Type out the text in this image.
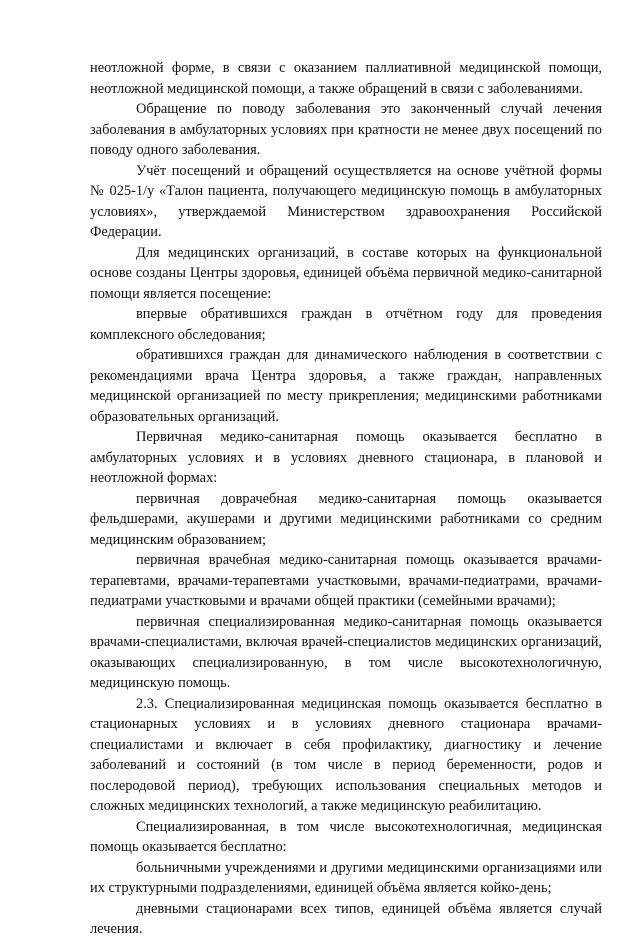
неотложной форме, в связи с оказанием паллиативной медицинской помощи, неотложной медицинской помощи, а также обращений в связи с заболеваниями.

Обращение по поводу заболевания это законченный случай лечения заболевания в амбулаторных условиях при кратности не менее двух посещений по поводу одного заболевания.

Учёт посещений и обращений осуществляется на основе учётной формы № 025-1/у «Талон пациента, получающего медицинскую помощь в амбулаторных условиях», утверждаемой Министерством здравоохранения Российской Федерации.

Для медицинских организаций, в составе которых на функциональной основе созданы Центры здоровья, единицей объёма первичной медико-санитарной помощи является посещение:

впервые обратившихся граждан в отчётном году для проведения комплексного обследования;

обратившихся граждан для динамического наблюдения в соответствии с рекомендациями врача Центра здоровья, а также граждан, направленных медицинской организацией по месту прикрепления; медицинскими работниками образовательных организаций.

Первичная медико-санитарная помощь оказывается бесплатно в амбулаторных условиях и в условиях дневного стационара, в плановой и неотложной формах:

первичная доврачебная медико-санитарная помощь оказывается фельдшерами, акушерами и другими медицинскими работниками со средним медицинским образованием;

первичная врачебная медико-санитарная помощь оказывается врачами-терапевтами, врачами-терапевтами участковыми, врачами-педиатрами, врачами-педиатрами участковыми и врачами общей практики (семейными врачами);

первичная специализированная медико-санитарная помощь оказывается врачами-специалистами, включая врачей-специалистов медицинских организаций, оказывающих специализированную, в том числе высокотехнологичную, медицинскую помощь.

2.3. Специализированная медицинская помощь оказывается бесплатно в стационарных условиях и в условиях дневного стационара врачами-специалистами и включает в себя профилактику, диагностику и лечение заболеваний и состояний (в том числе в период беременности, родов и послеродовой период), требующих использования специальных методов и сложных медицинских технологий, а также медицинскую реабилитацию.

Специализированная, в том числе высокотехнологичная, медицинская помощь оказывается бесплатно:

больничными учреждениями и другими медицинскими организациями или их структурными подразделениями, единицей объёма является койко-день;

дневными стационарами всех типов, единицей объёма является случай лечения.
